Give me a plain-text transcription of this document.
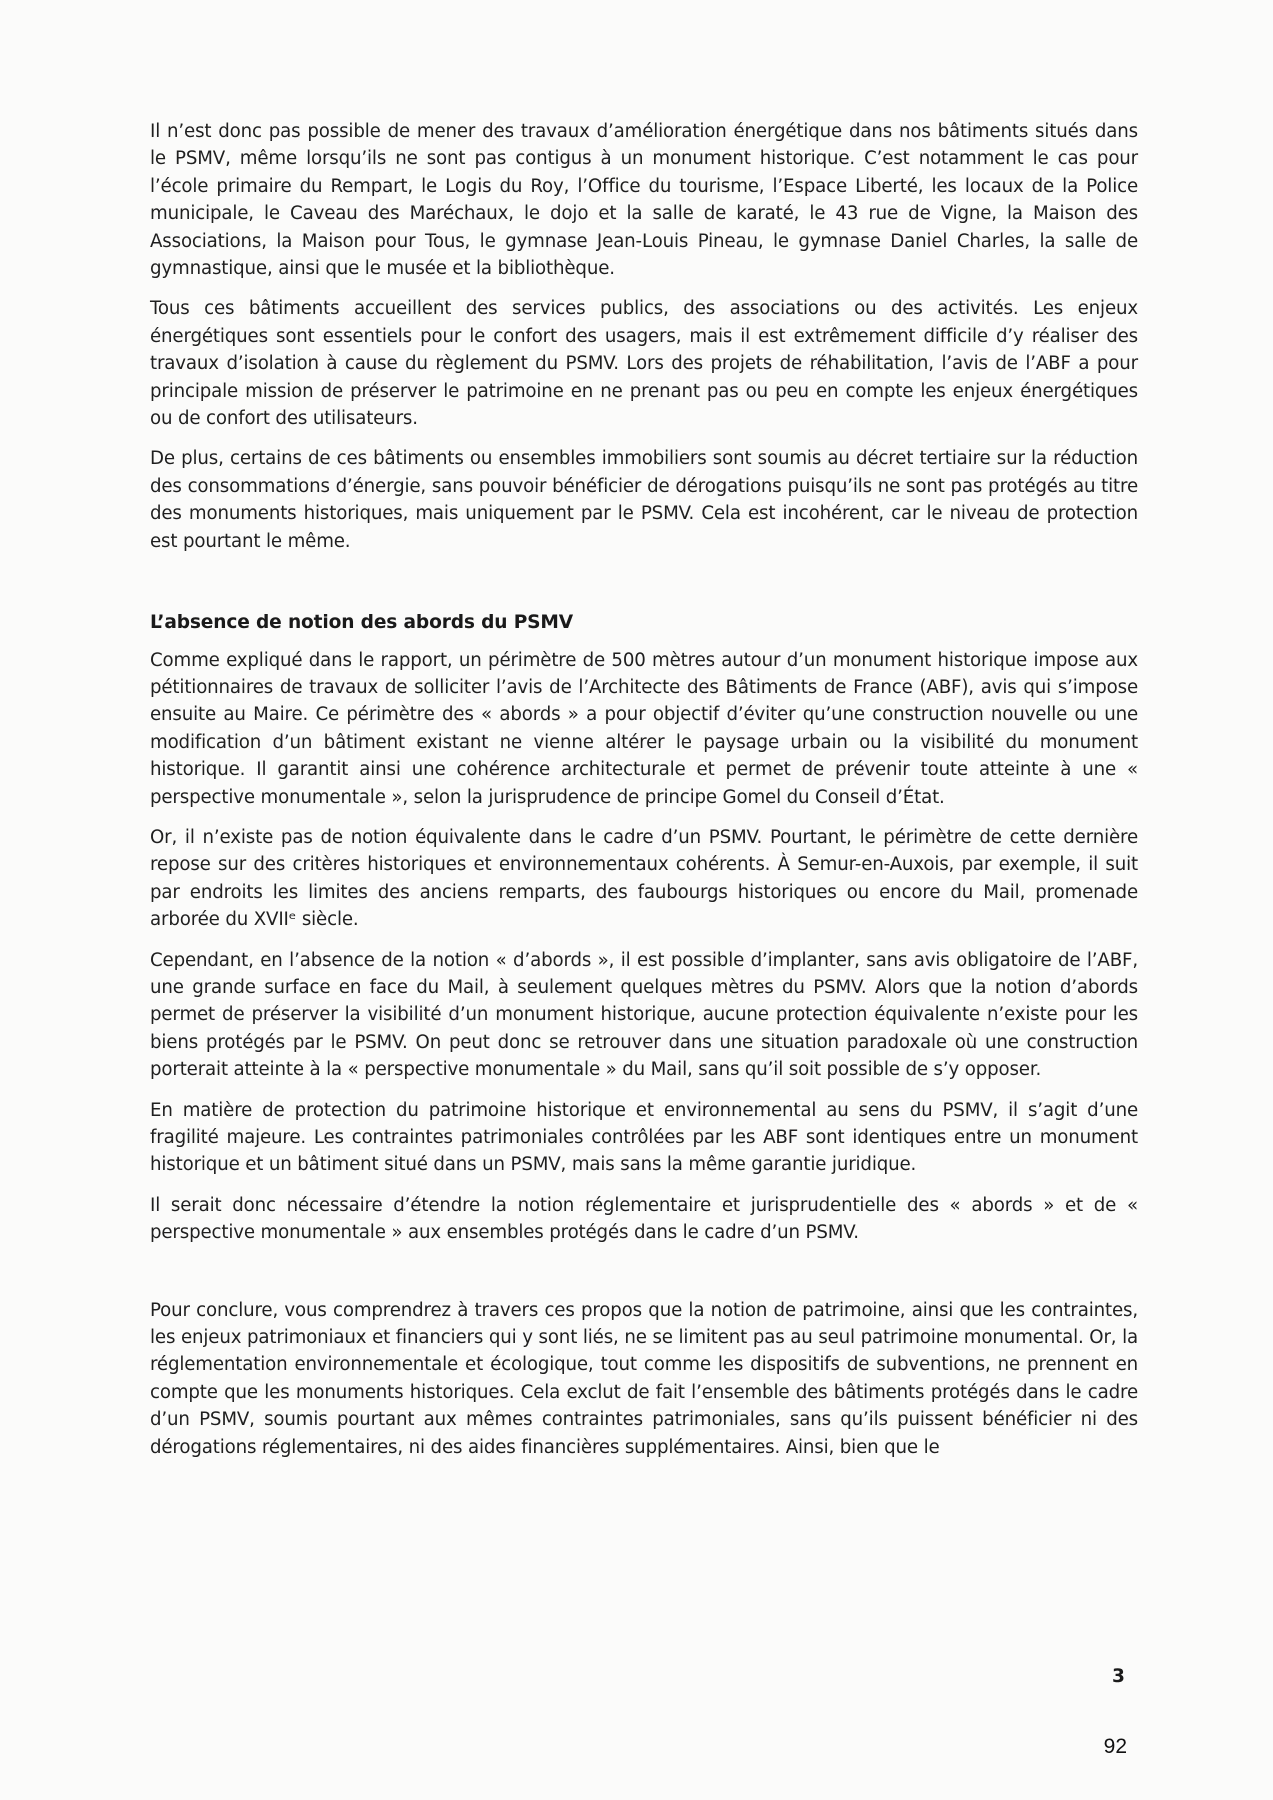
Il n’est donc pas possible de mener des travaux d’amélioration énergétique dans nos bâtiments situés dans le PSMV, même lorsqu’ils ne sont pas contigus à un monument historique. C’est notamment le cas pour l’école primaire du Rempart, le Logis du Roy, l’Office du tourisme, l’Espace Liberté, les locaux de la Police municipale, le Caveau des Maréchaux, le dojo et la salle de karaté, le 43 rue de Vigne, la Maison des Associations, la Maison pour Tous, le gymnase Jean-Louis Pineau, le gymnase Daniel Charles, la salle de gymnastique, ainsi que le musée et la bibliothèque.

Tous ces bâtiments accueillent des services publics, des associations ou des activités. Les enjeux énergétiques sont essentiels pour le confort des usagers, mais il est extrêmement difficile d’y réaliser des travaux d’isolation à cause du règlement du PSMV. Lors des projets de réhabilitation, l’avis de l’ABF a pour principale mission de préserver le patrimoine en ne prenant pas ou peu en compte les enjeux énergétiques ou de confort des utilisateurs.

De plus, certains de ces bâtiments ou ensembles immobiliers sont soumis au décret tertiaire sur la réduction des consommations d’énergie, sans pouvoir bénéficier de dérogations puisqu’ils ne sont pas protégés au titre des monuments historiques, mais uniquement par le PSMV. Cela est incohérent, car le niveau de protection est pourtant le même.

L’absence de notion des abords du PSMV

Comme expliqué dans le rapport, un périmètre de 500 mètres autour d’un monument historique impose aux pétitionnaires de travaux de solliciter l’avis de l’Architecte des Bâtiments de France (ABF), avis qui s’impose ensuite au Maire. Ce périmètre des « abords » a pour objectif d’éviter qu’une construction nouvelle ou une modification d’un bâtiment existant ne vienne altérer le paysage urbain ou la visibilité du monument historique. Il garantit ainsi une cohérence architecturale et permet de prévenir toute atteinte à une « perspective monumentale », selon la jurisprudence de principe Gomel du Conseil d’État.

Or, il n’existe pas de notion équivalente dans le cadre d’un PSMV. Pourtant, le périmètre de cette dernière repose sur des critères historiques et environnementaux cohérents. À Semur-en-Auxois, par exemple, il suit par endroits les limites des anciens remparts, des faubourgs historiques ou encore du Mail, promenade arborée du XVIIᵉ siècle.

Cependant, en l’absence de la notion « d’abords », il est possible d’implanter, sans avis obligatoire de l’ABF, une grande surface en face du Mail, à seulement quelques mètres du PSMV. Alors que la notion d’abords permet de préserver la visibilité d’un monument historique, aucune protection équivalente n’existe pour les biens protégés par le PSMV. On peut donc se retrouver dans une situation paradoxale où une construction porterait atteinte à la « perspective monumentale » du Mail, sans qu’il soit possible de s’y opposer.

En matière de protection du patrimoine historique et environnemental au sens du PSMV, il s’agit d’une fragilité majeure. Les contraintes patrimoniales contrôlées par les ABF sont identiques entre un monument historique et un bâtiment situé dans un PSMV, mais sans la même garantie juridique.

Il serait donc nécessaire d’étendre la notion réglementaire et jurisprudentielle des « abords » et de « perspective monumentale » aux ensembles protégés dans le cadre d’un PSMV.

Pour conclure, vous comprendrez à travers ces propos que la notion de patrimoine, ainsi que les contraintes, les enjeux patrimoniaux et financiers qui y sont liés, ne se limitent pas au seul patrimoine monumental. Or, la réglementation environnementale et écologique, tout comme les dispositifs de subventions, ne prennent en compte que les monuments historiques. Cela exclut de fait l’ensemble des bâtiments protégés dans le cadre d’un PSMV, soumis pourtant aux mêmes contraintes patrimoniales, sans qu’ils puissent bénéficier ni des dérogations réglementaires, ni des aides financières supplémentaires. Ainsi, bien que le

3
92
